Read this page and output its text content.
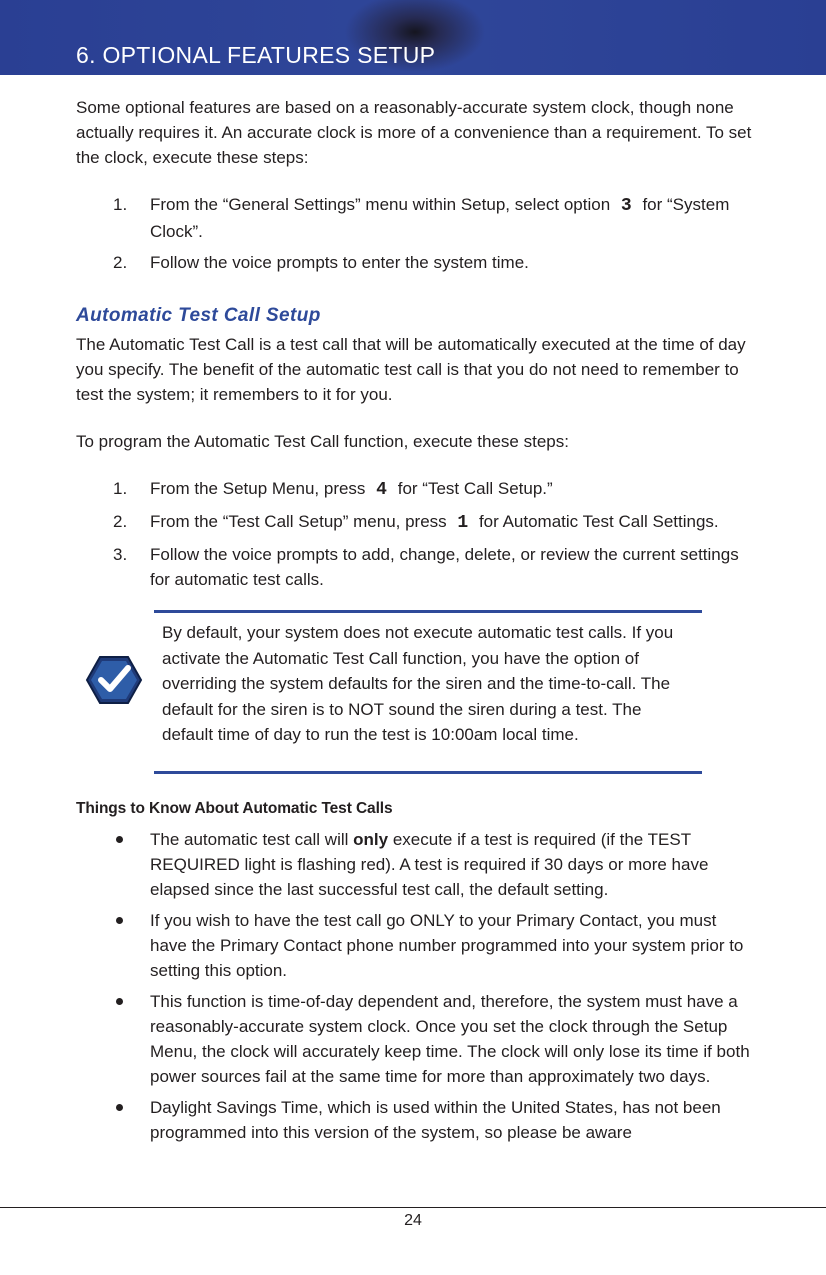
6. OPTIONAL FEATURES SETUP

Some optional features are based on a reasonably-accurate system clock, though none actually requires it. An accurate clock is more of a convenience than a requirement. To set the clock, execute these steps:

1. From the “General Settings” menu within Setup, select option 3 for “System Clock”.
2. Follow the voice prompts to enter the system time.
Automatic Test Call Setup

The Automatic Test Call is a test call that will be automatically executed at the time of day you specify. The benefit of the automatic test call is that you do not need to remember to test the system; it remembers to it for you.

To program the Automatic Test Call function, execute these steps:

1. From the Setup Menu, press 4 for “Test Call Setup.”
2. From the “Test Call Setup” menu, press 1 for Automatic Test Call Settings.
3. Follow the voice prompts to add, change, delete, or review the current settings for automatic test calls.

By default, your system does not execute automatic test calls. If you activate the Automatic Test Call function, you have the option of overriding the system defaults for the siren and the time-to-call. The default for the siren is to NOT sound the siren during a test. The default time of day to run the test is 10:00am local time.

Things to Know About Automatic Test Calls
The automatic test call will only execute if a test is required (if the TEST REQUIRED light is flashing red). A test is required if 30 days or more have elapsed since the last successful test call, the default setting.
If you wish to have the test call go ONLY to your Primary Contact, you must have the Primary Contact phone number programmed into your system prior to setting this option.
This function is time-of-day dependent and, therefore, the system must have a reasonably-accurate system clock. Once you set the clock through the Setup Menu, the clock will accurately keep time. The clock will only lose its time if both power sources fail at the same time for more than approximately two days.
Daylight Savings Time, which is used within the United States, has not been programmed into this version of the system, so please be aware
24
